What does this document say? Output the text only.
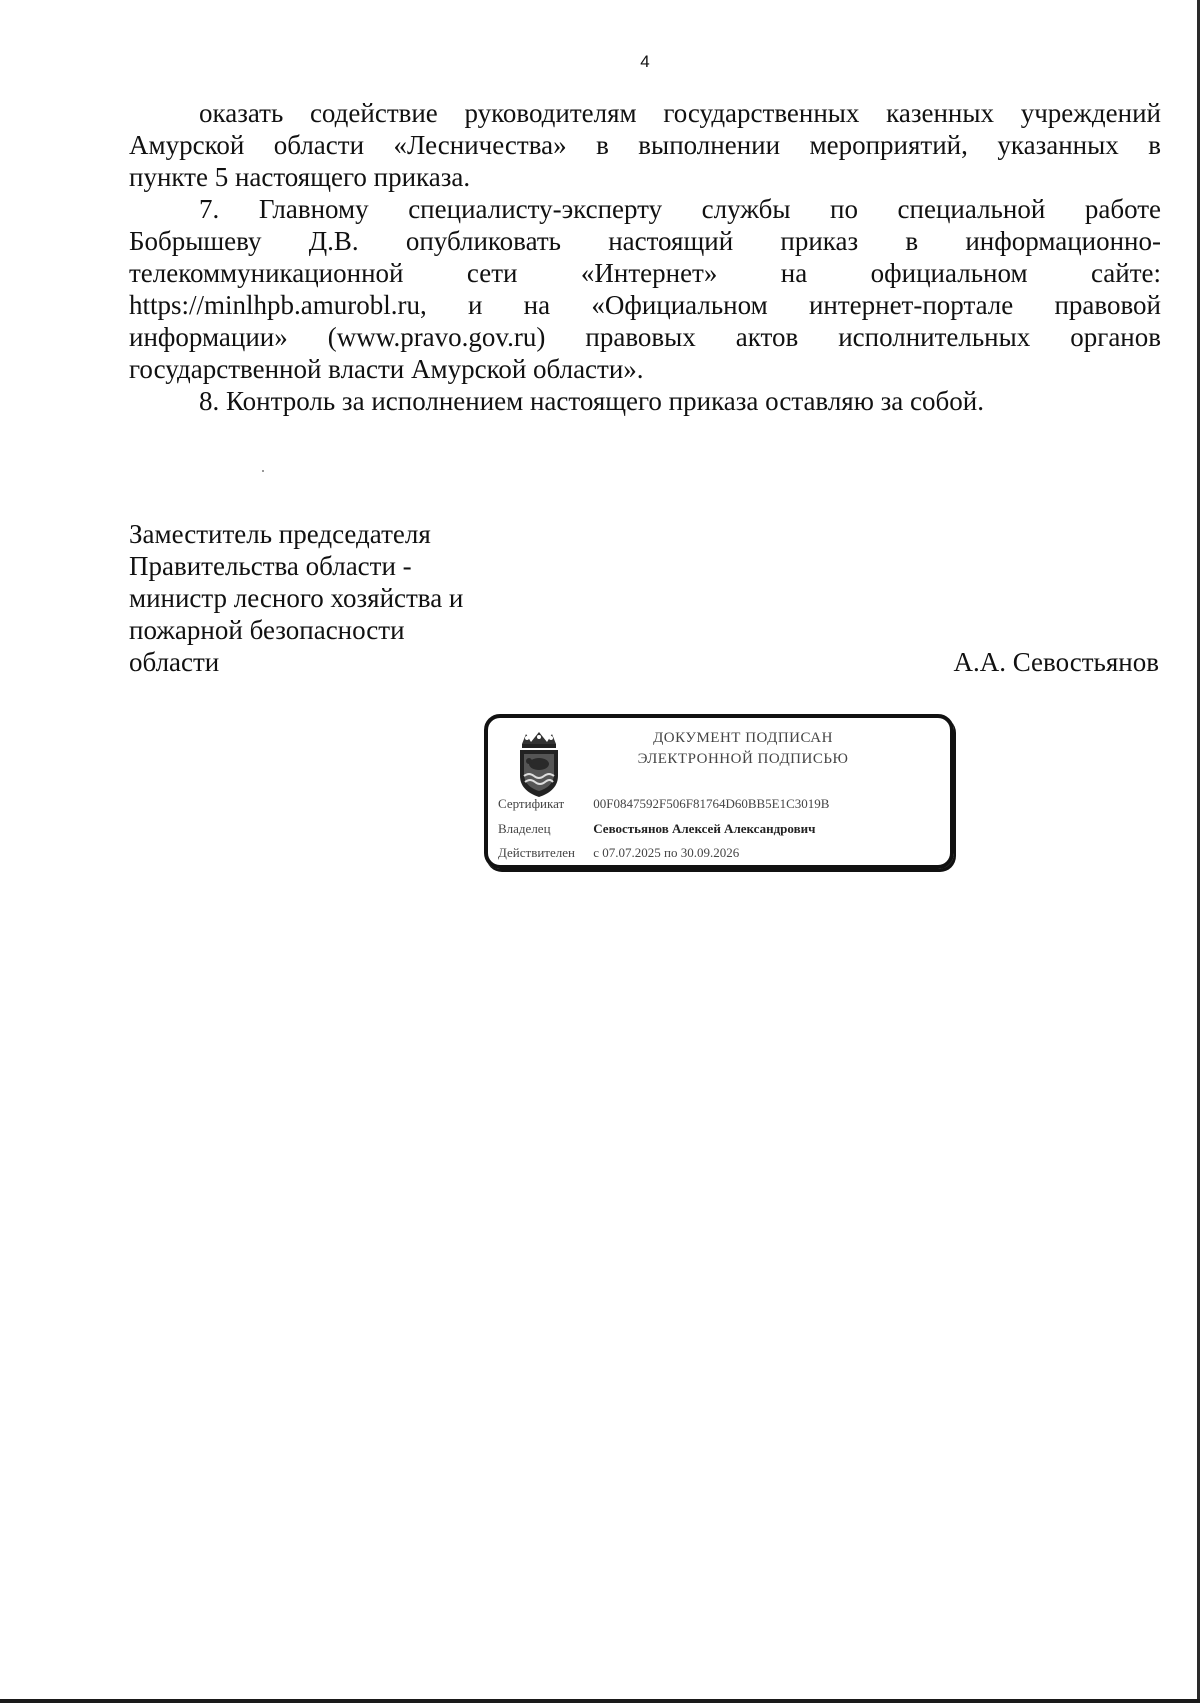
4

оказать содействие руководителям государственных казенных учреждений
Амурской области «Лесничества» в выполнении мероприятий, указанных в
пункте 5 настоящего приказа.

7. Главному специалисту-эксперту службы по специальной работе
Бобрышеву Д.В. опубликовать настоящий приказ в информационно-
телекоммуникационной сети «Интернет» на официальном сайте:
https://minlhpb.amurobl.ru, и на «Официальном интернет-портале правовой
информации» (www.pravo.gov.ru) правовых актов исполнительных органов
государственной власти Амурской области».

8. Контроль за исполнением настоящего приказа оставляю за собой.

Заместитель председателя
Правительства области -
министр лесного хозяйства и
пожарной безопасности
области	А.А. Севостьянов
ДОКУМЕНТ ПОДПИСАН
ЭЛЕКТРОННОЙ ПОДПИСЬЮ
Сертификат 00F0847592F506F81764D60BB5E1C3019B
Владелец	Севостьянов Алексей Александрович
Действителен с 07.07.2025 по 30.09.2026
